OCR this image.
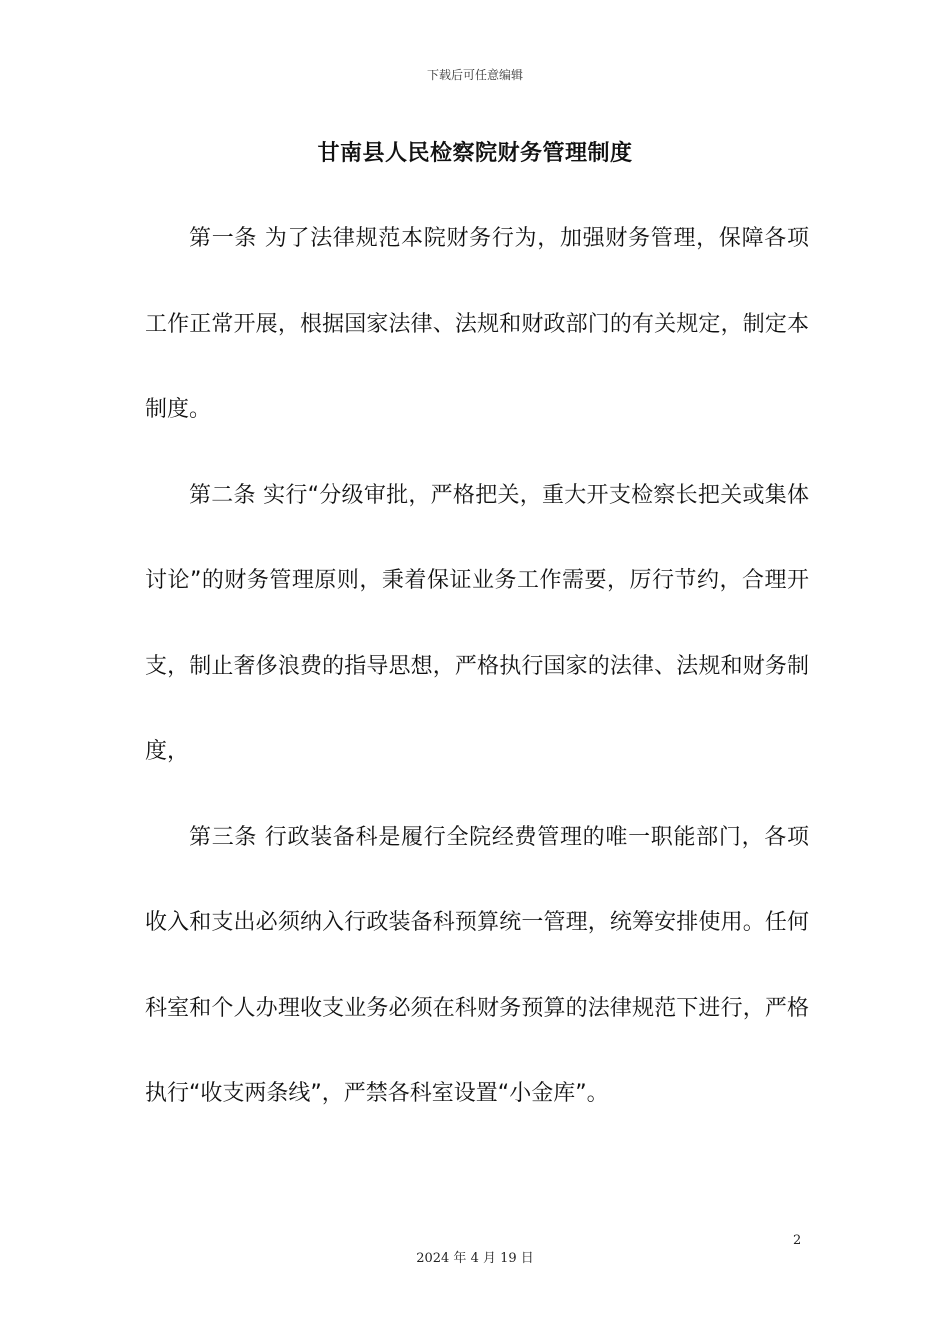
下载后可任意编辑
甘南县人民检察院财务管理制度

第一条 为了法律规范本院财务行为，加强财务管理，保障各项工作正常开展，根据国家法律、法规和财政部门的有关规定，制定本制度。

第二条 实行“分级审批，严格把关，重大开支检察长把关或集体讨论”的财务管理原则，秉着保证业务工作需要，厉行节约，合理开支，制止奢侈浪费的指导思想，严格执行国家的法律、法规和财务制度，

第三条 行政装备科是履行全院经费管理的唯一职能部门，各项收入和支出必须纳入行政装备科预算统一管理，统筹安排使用。任何科室和个人办理收支业务必须在科财务预算的法律规范下进行，严格执行“收支两条线”，严禁各科室设置“小金库”。

2
2024 年 4 月 19 日
